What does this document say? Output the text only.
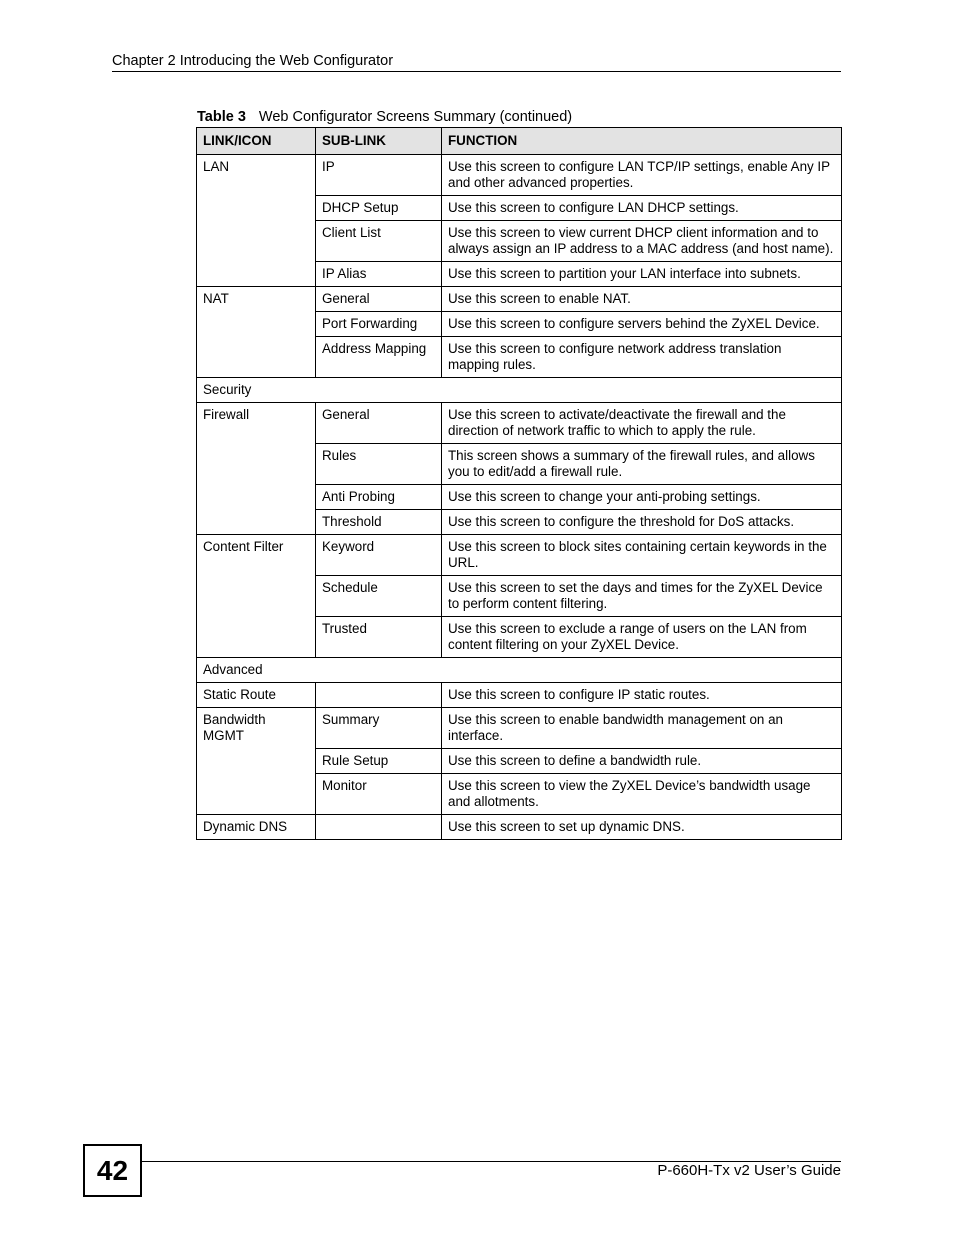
Chapter 2 Introducing the Web Configurator
Table 3 Web Configurator Screens Summary (continued)
LINK/ICON	SUB-LINK	FUNCTION
LAN	IP	Use this screen to configure LAN TCP/IP settings, enable Any IP and other advanced properties.
	DHCP Setup	Use this screen to configure LAN DHCP settings.
	Client List	Use this screen to view current DHCP client information and to always assign an IP address to a MAC address (and host name).
	IP Alias	Use this screen to partition your LAN interface into subnets.
NAT	General	Use this screen to enable NAT.
	Port Forwarding	Use this screen to configure servers behind the ZyXEL Device.
	Address Mapping	Use this screen to configure network address translation mapping rules.
Security		
Firewall	General	Use this screen to activate/deactivate the firewall and the direction of network traffic to which to apply the rule.
	Rules	This screen shows a summary of the firewall rules, and allows you to edit/add a firewall rule.
	Anti Probing	Use this screen to change your anti-probing settings.
	Threshold	Use this screen to configure the threshold for DoS attacks.
Content Filter	Keyword	Use this screen to block sites containing certain keywords in the URL.
	Schedule	Use this screen to set the days and times for the ZyXEL Device to perform content filtering.
	Trusted	Use this screen to exclude a range of users on the LAN from content filtering on your ZyXEL Device.
Advanced		
Static Route		Use this screen to configure IP static routes.
Bandwidth MGMT	Summary	Use this screen to enable bandwidth management on an interface.
	Rule Setup	Use this screen to define a bandwidth rule.
	Monitor	Use this screen to view the ZyXEL Device’s bandwidth usage and allotments.
Dynamic DNS		Use this screen to set up dynamic DNS.
42	P-660H-Tx v2 User’s Guide
